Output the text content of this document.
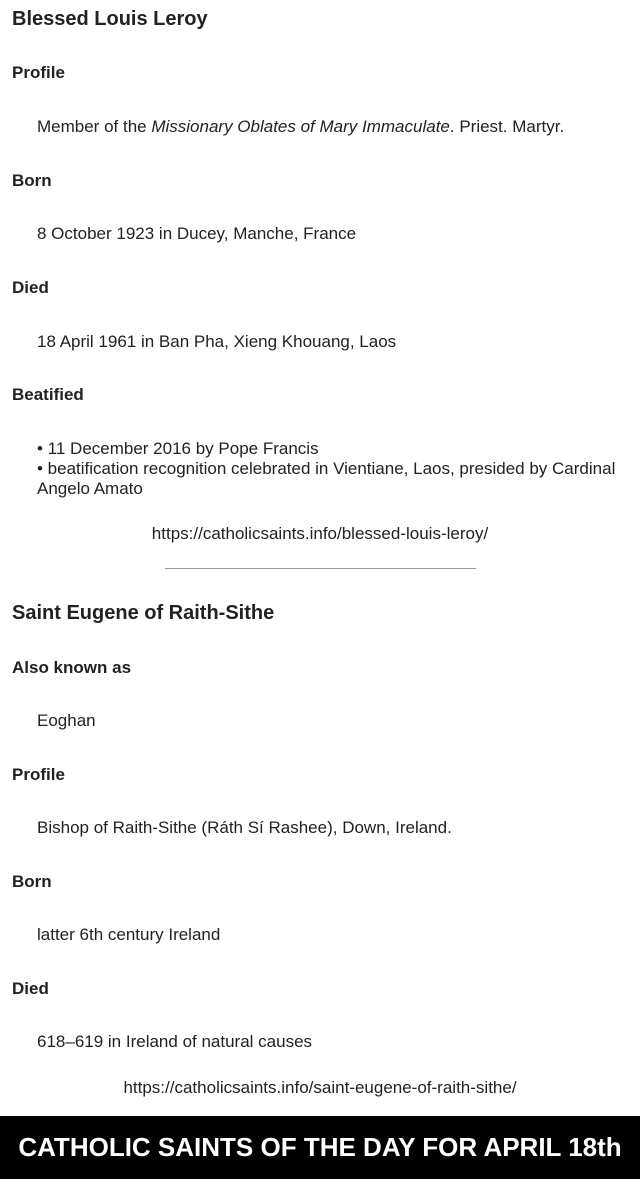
Blessed Louis Leroy
Profile
Member of the Missionary Oblates of Mary Immaculate. Priest. Martyr.
Born
8 October 1923 in Ducey, Manche, France
Died
18 April 1961 in Ban Pha, Xieng Khouang, Laos
Beatified
• 11 December 2016 by Pope Francis
• beatification recognition celebrated in Vientiane, Laos, presided by Cardinal Angelo Amato
https://catholicsaints.info/blessed-louis-leroy/
Saint Eugene of Raith-Sithe
Also known as
Eoghan
Profile
Bishop of Raith-Sithe (Ráth Sí Rashee), Down, Ireland.
Born
latter 6th century Ireland
Died
618–619 in Ireland of natural causes
https://catholicsaints.info/saint-eugene-of-raith-sithe/
CATHOLIC SAINTS OF THE DAY FOR APRIL 18th
